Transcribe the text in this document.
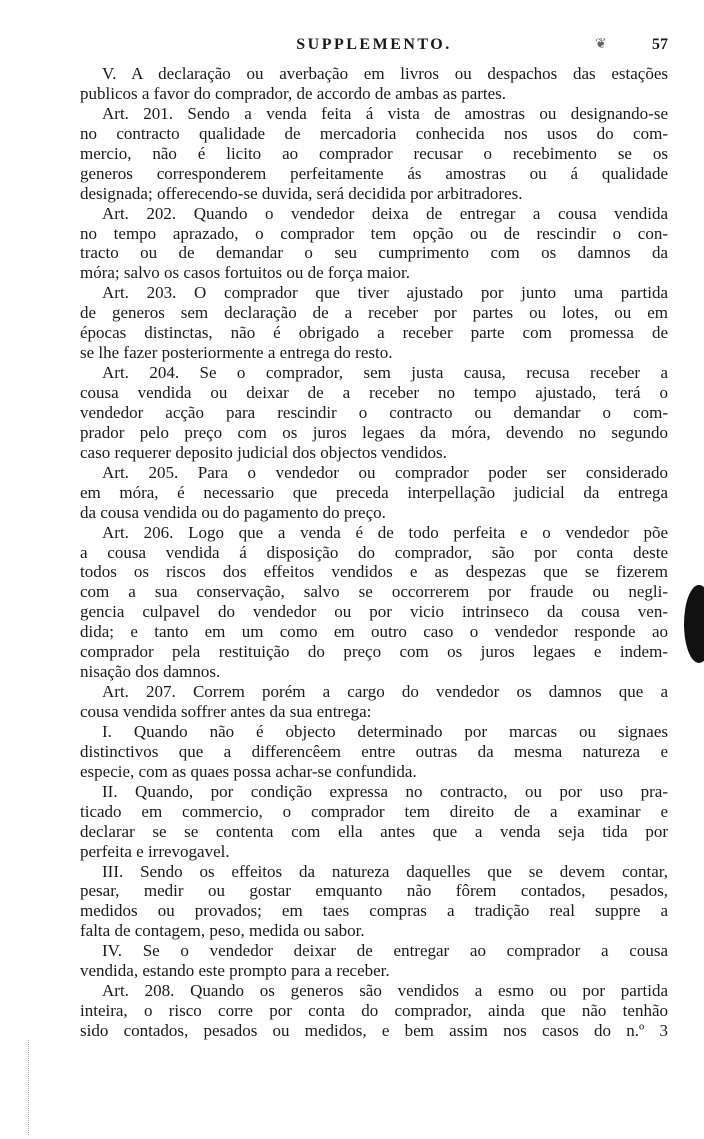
SUPPLEMENTO.	❦	57
V. A declaração ou averbação em livros ou despachos das estações
publicos a favor do comprador, de accordo de ambas as partes.
Art. 201. Sendo a venda feita á vista de amostras ou designando-se
no contracto qualidade de mercadoria conhecida nos usos do com-
mercio, não é licito ao comprador recusar o recebimento se os
generos corresponderem perfeitamente ás amostras ou á qualidade
designada; offerecendo-se duvida, será decidida por arbitradores.
Art. 202. Quando o vendedor deixa de entregar a cousa vendida
no tempo aprazado, o comprador tem opção ou de rescindir o con-
tracto ou de demandar o seu cumprimento com os damnos da
móra; salvo os casos fortuitos ou de força maior.
Art. 203. O comprador que tiver ajustado por junto uma partida
de generos sem declaração de a receber por partes ou lotes, ou em
épocas distinctas, não é obrigado a receber parte com promessa de
se lhe fazer posteriormente a entrega do resto.
Art. 204. Se o comprador, sem justa causa, recusa receber a
cousa vendida ou deixar de a receber no tempo ajustado, terá o
vendedor acção para rescindir o contracto ou demandar o com-
prador pelo preço com os juros legaes da móra, devendo no segundo
caso requerer deposito judicial dos objectos vendidos.
Art. 205. Para o vendedor ou comprador poder ser considerado
em móra, é necessario que preceda interpellação judicial da entrega
da cousa vendida ou do pagamento do preço.
Art. 206. Logo que a venda é de todo perfeita e o vendedor põe
a cousa vendida á disposição do comprador, são por conta deste
todos os riscos dos effeitos vendidos e as despezas que se fizerem
com a sua conservação, salvo se occorrerem por fraude ou negli-
gencia culpavel do vendedor ou por vicio intrinseco da cousa ven-
dida; e tanto em um como em outro caso o vendedor responde ao
comprador pela restituição do preço com os juros legaes e indem-
nisação dos damnos.
Art. 207. Correm porém a cargo do vendedor os damnos que a
cousa vendida soffrer antes da sua entrega:
I. Quando não é objecto determinado por marcas ou signaes
distinctivos que a differencêem entre outras da mesma natureza e
especie, com as quaes possa achar-se confundida.
II. Quando, por condição expressa no contracto, ou por uso pra-
ticado em commercio, o comprador tem direito de a examinar e
declarar se se contenta com ella antes que a venda seja tida por
perfeita e irrevogavel.
III. Sendo os effeitos da natureza daquelles que se devem contar,
pesar, medir ou gostar emquanto não fôrem contados, pesados,
medidos ou provados; em taes compras a tradição real suppre a
falta de contagem, peso, medida ou sabor.
IV. Se o vendedor deixar de entregar ao comprador a cousa
vendida, estando este prompto para a receber.
Art. 208. Quando os generos são vendidos a esmo ou por partida
inteira, o risco corre por conta do comprador, ainda que não tenhão
sido contados, pesados ou medidos, e bem assim nos casos do n.º 3
